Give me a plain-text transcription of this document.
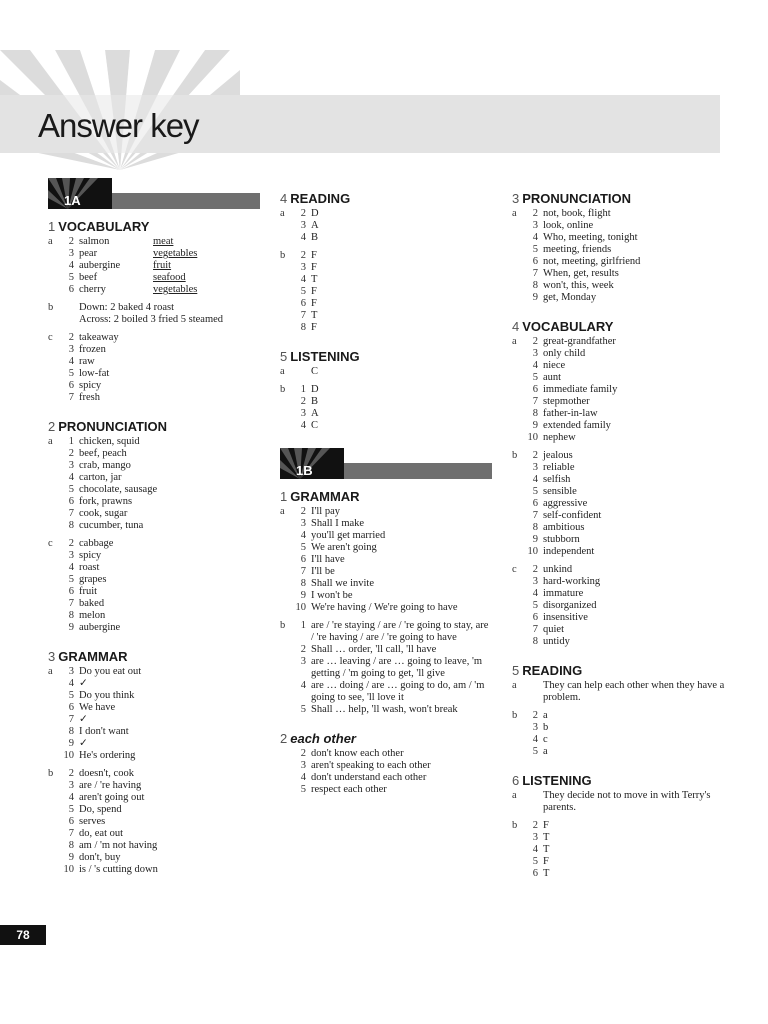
Answer key
1A
1 VOCABULARY
a	2 salmon	meat
3 pear	vegetables
4 aubergine	fruit
5 beef	seafood
6 cherry	vegetables
b	Down: 2 baked 4 roast
Across: 2 boiled 3 fried 5 steamed
c	2 takeaway
3 frozen
4 raw
5 low-fat
6 spicy
7 fresh
2 PRONUNCIATION
a	1 chicken, squid
2 beef, peach
3 crab, mango
4 carton, jar
5 chocolate, sausage
6 fork, prawns
7 cook, sugar
8 cucumber, tuna
c	2 cabbage
3 spicy
4 roast
5 grapes
6 fruit
7 baked
8 melon
9 aubergine
3 GRAMMAR
a	3 Do you eat out
4 ✓
5 Do you think
6 We have
7 ✓
8 I don't want
9 ✓
10 He's ordering
b	2 doesn't, cook
3 are / 're having
4 aren't going out
5 Do, spend
6 serves
7 do, eat out
8 am / 'm not having
9 don't, buy
10 is / 's cutting down
4 READING
a	2 D
3 A
4 B
b	2 F
3 F
4 T
5 F
6 F
7 T
8 F
5 LISTENING
a	C
b	1 D
2 B
3 A
4 C
1B
1 GRAMMAR
a	2 I'll pay
3 Shall I make
4 you'll get married
5 We aren't going
6 I'll have
7 I'll be
8 Shall we invite
9 I won't be
10 We're having / We're going to have
b	1 are / 're staying / are / 're going to stay, are / 're having / are / 're going to have
2 Shall … order, 'll call, 'll have
3 are … leaving / are … going to leave, 'm getting / 'm going to get, 'll give
4 are … doing / are … going to do, am / 'm going to see, 'll love it
5 Shall … help, 'll wash, won't break
2 each other
2 don't know each other
3 aren't speaking to each other
4 don't understand each other
5 respect each other
3 PRONUNCIATION
a	2 not, book, flight
3 look, online
4 Who, meeting, tonight
5 meeting, friends
6 not, meeting, girlfriend
7 When, get, results
8 won't, this, week
9 get, Monday
4 VOCABULARY
a	2 great-grandfather
3 only child
4 niece
5 aunt
6 immediate family
7 stepmother
8 father-in-law
9 extended family
10 nephew
b	2 jealous
3 reliable
4 selfish
5 sensible
6 aggressive
7 self-confident
8 ambitious
9 stubborn
10 independent
c	2 unkind
3 hard-working
4 immature
5 disorganized
6 insensitive
7 quiet
8 untidy
5 READING
a	They can help each other when they have a problem.
b	2 a
3 b
4 c
5 a
6 LISTENING
a	They decide not to move in with Terry's parents.
b	2 F
3 T
4 T
5 F
6 T
78
